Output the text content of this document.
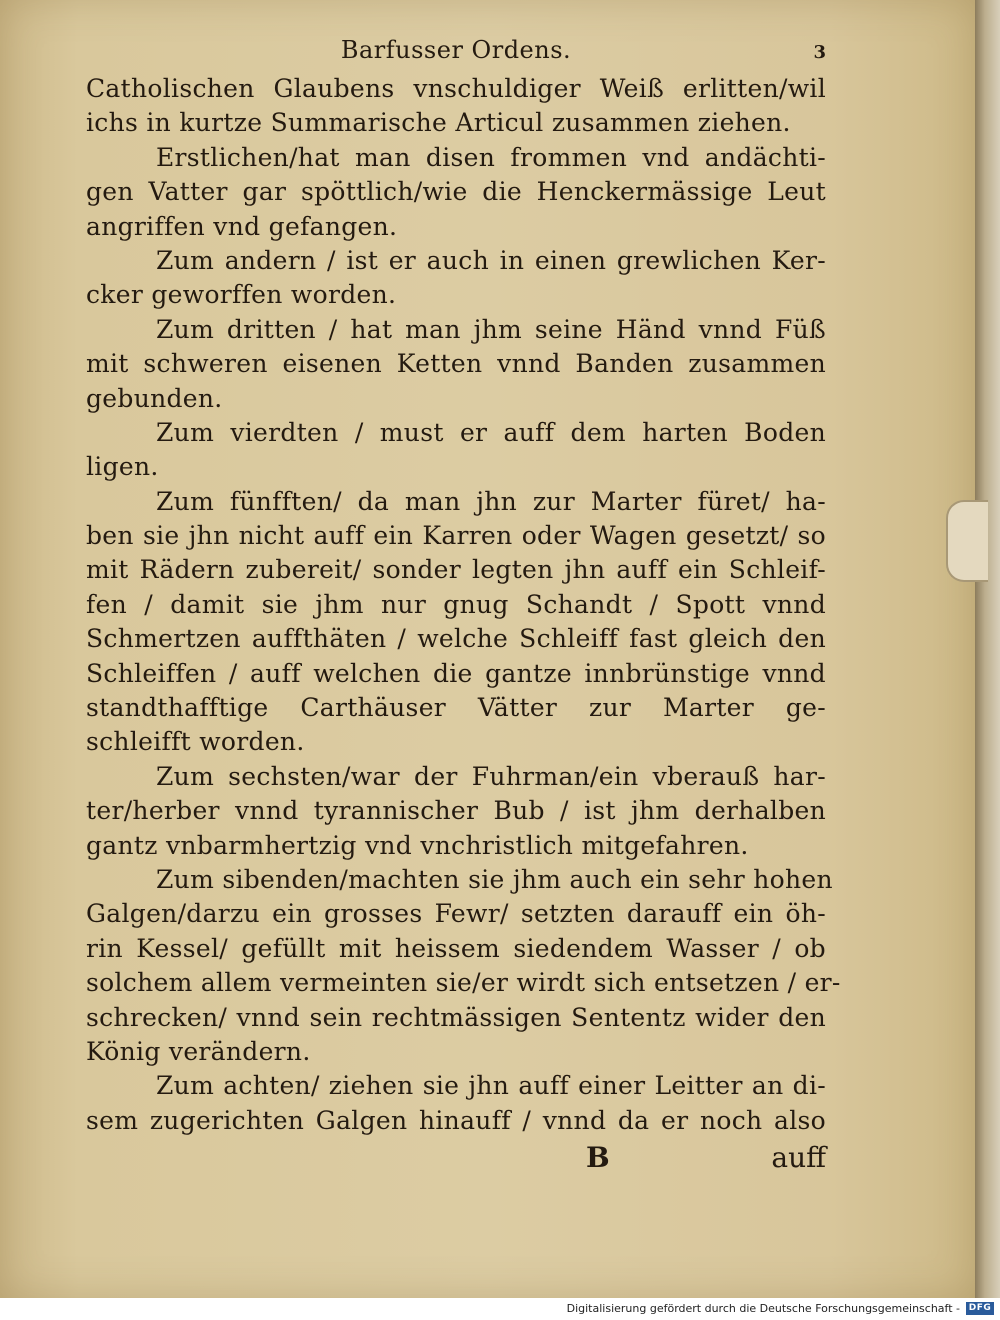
Barfusser Ordens.	3
Catholischen Glaubens vnschuldiger Weiß erlitten/wil
ichs in kurtze Summarische Articul zusammen ziehen.
Erstlichen/hat man disen frommen vnd andächti-
gen Vatter gar spöttlich/wie die Henckermässige Leut
angriffen vnd gefangen.
Zum andern / ist er auch in einen grewlichen Ker-
cker geworffen worden.
Zum dritten / hat man jhm seine Händ vnnd Füß
mit schweren eisenen Ketten vnnd Banden zusammen
gebunden.
Zum vierdten / must er auff dem harten Boden
ligen.
Zum fünfften/ da man jhn zur Marter füret/ ha-
ben sie jhn nicht auff ein Karren oder Wagen gesetzt/ so
mit Rädern zubereit/ sonder legten jhn auff ein Schleif-
fen / damit sie jhm nur gnug Schandt / Spott vnnd
Schmertzen auffthäten / welche Schleiff fast gleich den
Schleiffen / auff welchen die gantze innbrünstige vnnd
standthafftige Carthäuser Vätter zur Marter ge-
schleifft worden.
Zum sechsten/war der Fuhrman/ein vberauß har-
ter/herber vnnd tyrannischer Bub / ist jhm derhalben
gantz vnbarmhertzig vnd vnchristlich mitgefahren.
Zum sibenden/machten sie jhm auch ein sehr hohen
Galgen/darzu ein grosses Fewr/ setzten darauff ein öh-
rin Kessel/ gefüllt mit heissem siedendem Wasser / ob
solchem allem vermeinten sie/er wirdt sich entsetzen / er-
schrecken/ vnnd sein rechtmässigen Sententz wider den
König verändern.
Zum achten/ ziehen sie jhn auff einer Leitter an di-
sem zugerichten Galgen hinauff / vnnd da er noch also
B	auff
Digitalisierung gefördert durch die Deutsche Forschungsgemeinschaft - DFG
